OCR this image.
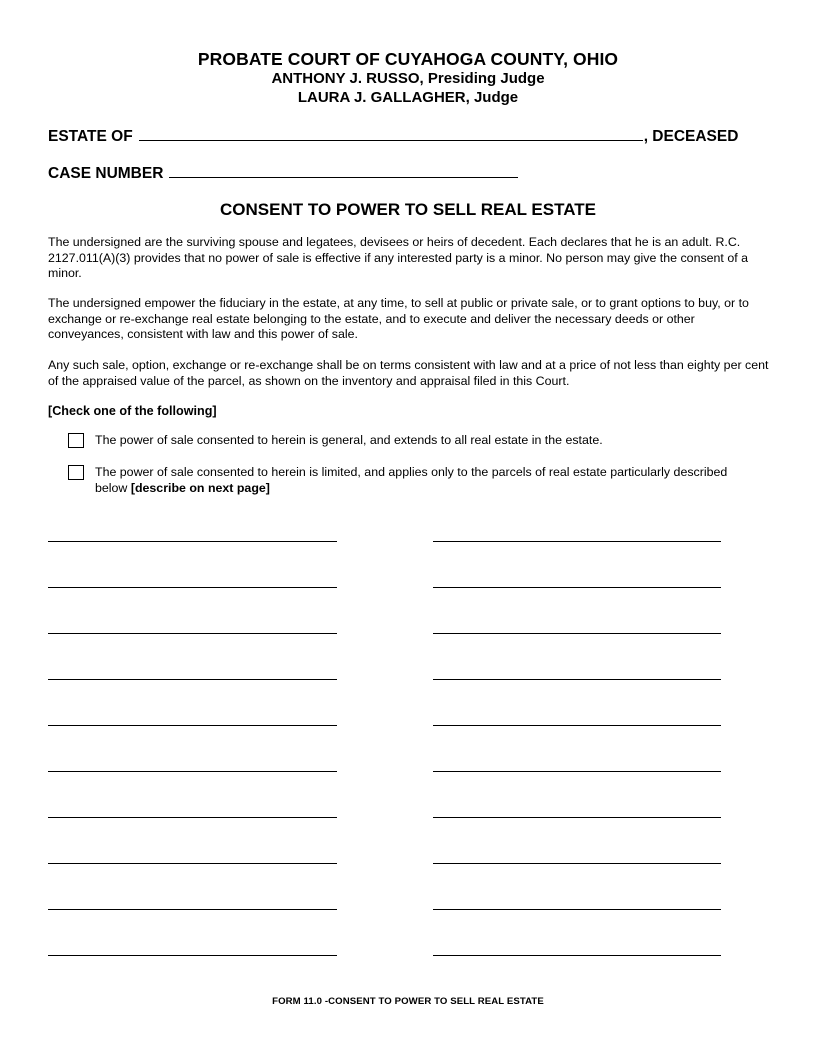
PROBATE COURT OF CUYAHOGA COUNTY, OHIO
ANTHONY J. RUSSO, Presiding Judge
LAURA J. GALLAGHER, Judge
ESTATE OF	, DECEASED
CASE NUMBER
CONSENT TO POWER TO SELL REAL ESTATE

The undersigned are the surviving spouse and legatees, devisees or heirs of decedent. Each declares that he is an adult. R.C. 2127.011(A)(3) provides that no power of sale is effective if any interested party is a minor. No person may give the consent of a minor.

The undersigned empower the fiduciary in the estate, at any time, to sell at public or private sale, or to grant options to buy, or to exchange or re-exchange real estate belonging to the estate, and to execute and deliver the necessary deeds or other conveyances, consistent with law and this power of sale.

Any such sale, option, exchange or re-exchange shall be on terms consistent with law and at a price of not less than eighty per cent of the appraised value of the parcel, as shown on the inventory and appraisal filed in this Court.

[Check one of the following]
The power of sale consented to herein is general, and extends to all real estate in the estate.
The power of sale consented to herein is limited, and applies only to the parcels of real estate particularly described below [describe on next page]
FORM 11.0 -CONSENT TO POWER TO SELL REAL ESTATE
